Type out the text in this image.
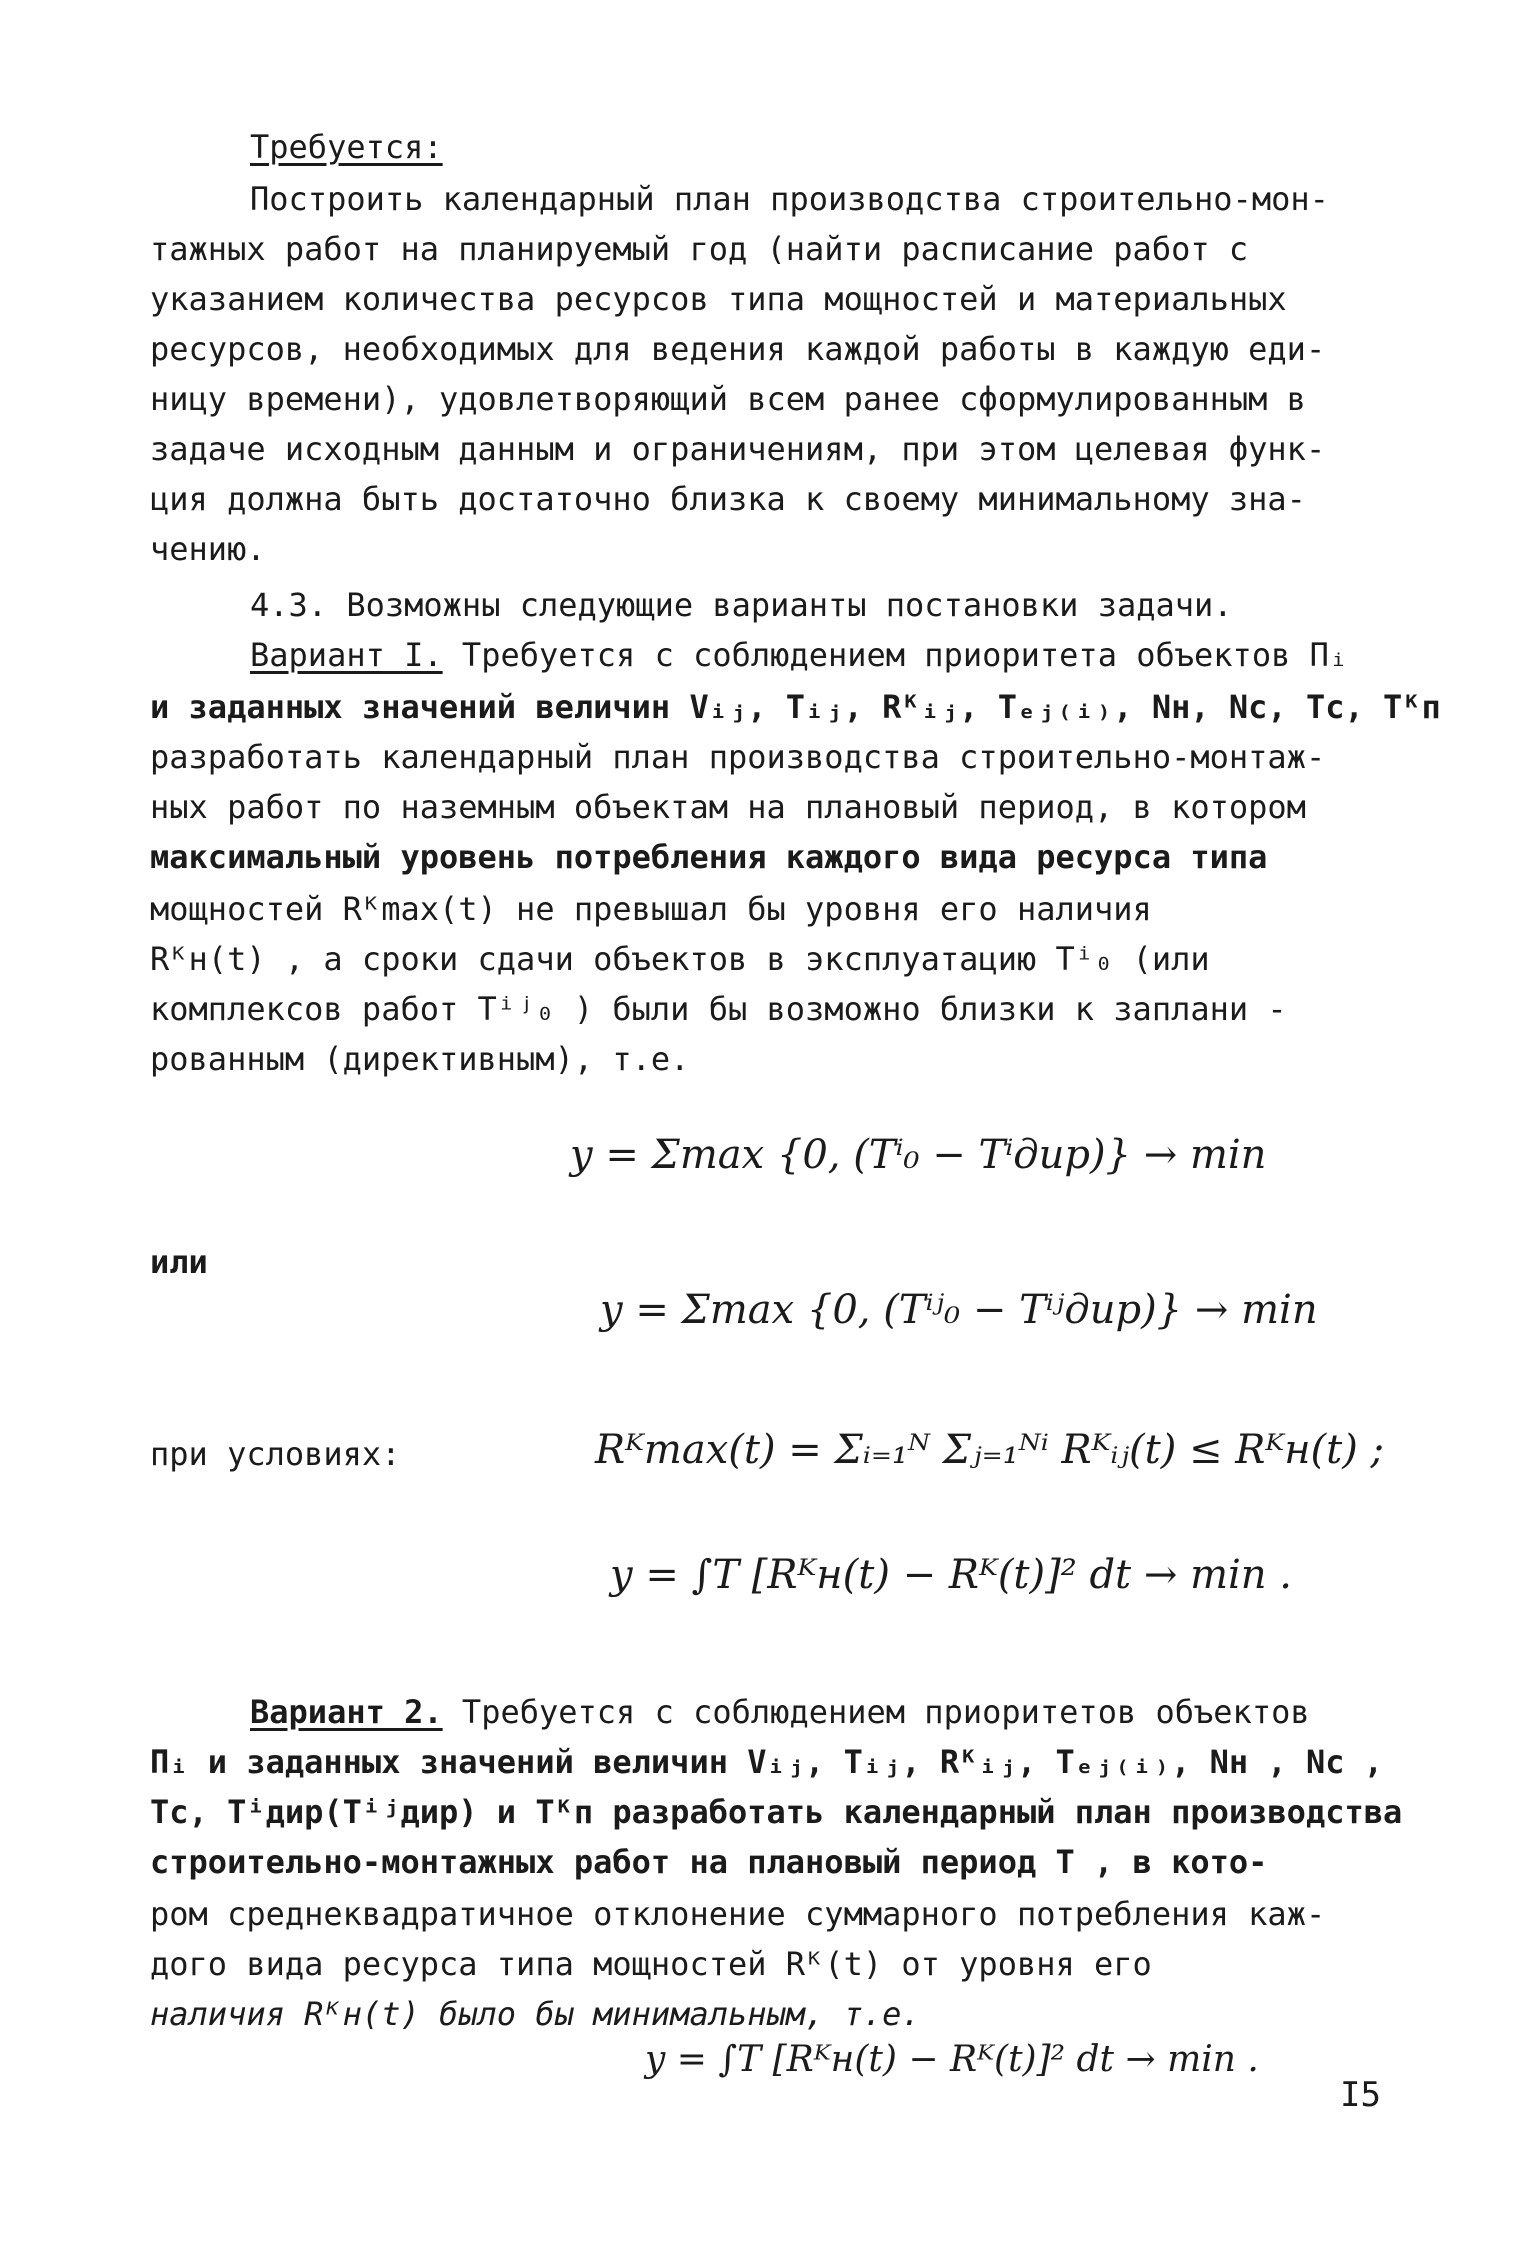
Требуется:
Построить календарный план производства строительно-мон-
тажных работ на планируемый год (найти расписание работ с
указанием количества ресурсов типа мощностей и материальных
ресурсов, необходимых для ведения каждой работы в каждую еди-
ницу времени), удовлетворяющий всем ранее сформулированным в
задаче исходным данным и ограничениям, при этом целевая функ-
ция должна быть достаточно близка к своему минимальному зна-
чению.
4.3. Возможны следующие варианты постановки задачи.
Вариант I. Требуется с соблюдением приоритета объектов Пᵢ
и заданных значений величин Vᵢⱼ, Tᵢⱼ, Rᴷᵢⱼ, Tₑⱼ₍ᵢ₎, Nн, Nс, Tс, Tᴷп
разработать календарный план производства строительно-монтаж-
ных работ по наземным объектам на плановый период, в котором
максимальный уровень потребления каждого вида ресурса типа
мощностей Rᴷmax(t) не превышал бы уровня его наличия
Rᴷн(t) , а сроки сдачи объектов в эксплуатацию Tⁱ₀ (или
комплексов работ Tⁱʲ₀ ) были бы возможно близки к заплани -
рованным (директивным), т.е.
y = Σmax {0, (Tⁱ₀ − Tⁱдир)} → min
или
y = Σmax {0, (Tⁱʲ₀ − Tⁱʲдир)} → min
при условиях:	Rᴷmax(t) = Σᵢ₌₁ᴺ Σⱼ₌₁ᴺⁱ Rᴷᵢⱼ(t) ≤ Rᴷн(t) ;
y = ∫T [Rᴷн(t) − Rᴷ(t)]² dt → min .
Вариант 2. Требуется с соблюдением приоритетов объектов
Пᵢ и заданных значений величин Vᵢⱼ, Tᵢⱼ, Rᴷᵢⱼ, Tₑⱼ₍ᵢ₎, Nн , Nс ,
Tс, Tⁱдир(Tⁱʲдир) и Tᴷп разработать календарный план производства
строительно-монтажных работ на плановый период T , в кото-
ром среднеквадратичное отклонение суммарного потребления каж-
дого вида ресурса типа мощностей Rᴷ(t) от уровня его
наличия Rᴷн(t) было бы минимальным, т.е.
y = ∫T [Rᴷн(t) − Rᴷ(t)]² dt → min .
I5
